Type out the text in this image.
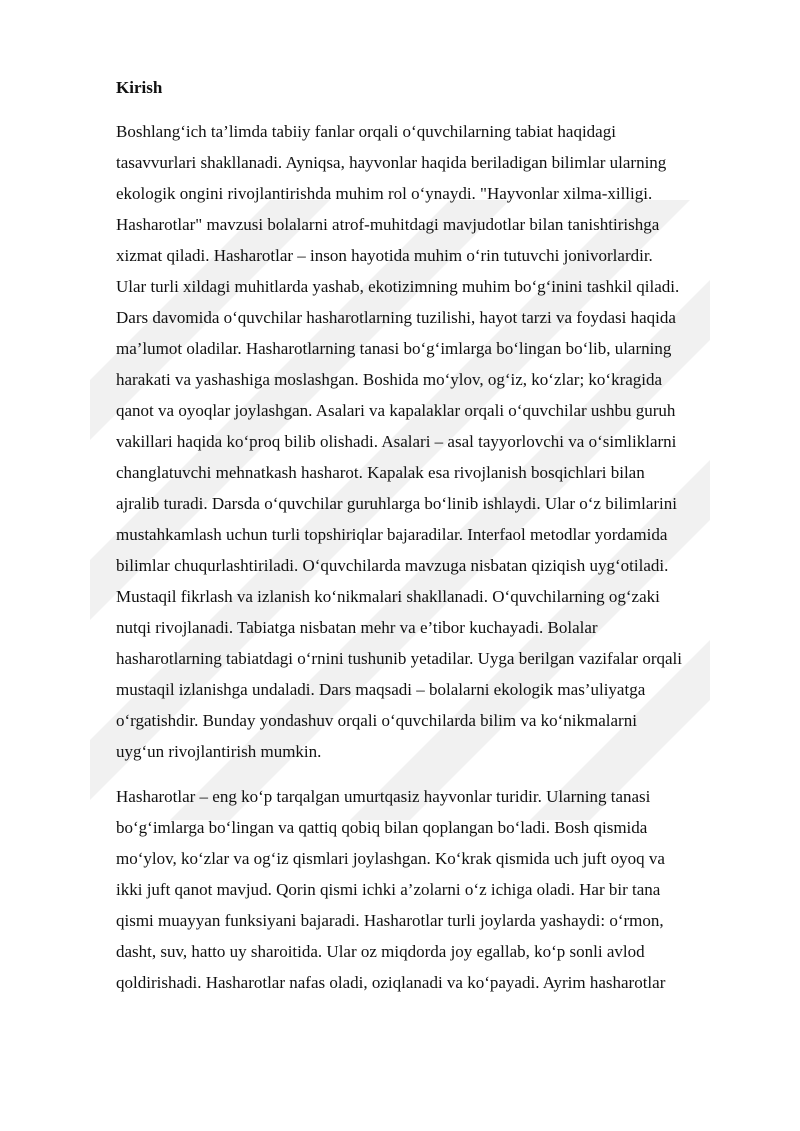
Kirish
Boshlang‘ich ta’limda tabiiy fanlar orqali o‘quvchilarning tabiat haqidagi
tasavvurlari shakllanadi. Ayniqsa, hayvonlar haqida beriladigan bilimlar ularning
ekologik ongini rivojlantirishda muhim rol o‘ynaydi. "Hayvonlar xilma-xilligi.
Hasharotlar" mavzusi bolalarni atrof-muhitdagi mavjudotlar bilan tanishtirishga
xizmat qiladi. Hasharotlar – inson hayotida muhim o‘rin tutuvchi jonivorlardir.
Ular turli xildagi muhitlarda yashab, ekotizimning muhim bo‘g‘inini tashkil qiladi.
Dars davomida o‘quvchilar hasharotlarning tuzilishi, hayot tarzi va foydasi haqida
ma’lumot oladilar. Hasharotlarning tanasi bo‘g‘imlarga bo‘lingan bo‘lib, ularning
harakati va yashashiga moslashgan. Boshida mo‘ylov, og‘iz, ko‘zlar; ko‘kragida
qanot va oyoqlar joylashgan. Asalari va kapalaklar orqali o‘quvchilar ushbu guruh
vakillari haqida ko‘proq bilib olishadi. Asalari – asal tayyorlovchi va o‘simliklarni
changlatuvchi mehnatkash hasharot. Kapalak esa rivojlanish bosqichlari bilan
ajralib turadi. Darsda o‘quvchilar guruhlarga bo‘linib ishlaydi. Ular o‘z bilimlarini
mustahkamlash uchun turli topshiriqlar bajaradilar. Interfaol metodlar yordamida
bilimlar chuqurlashtiriladi. O‘quvchilarda mavzuga nisbatan qiziqish uyg‘otiladi.
Mustaqil fikrlash va izlanish ko‘nikmalari shakllanadi. O‘quvchilarning og‘zaki
nutqi rivojlanadi. Tabiatga nisbatan mehr va e’tibor kuchayadi. Bolalar
hasharotlarning tabiatdagi o‘rnini tushunib yetadilar. Uyga berilgan vazifalar orqali
mustaqil izlanishga undaladi. Dars maqsadi – bolalarni ekologik mas’uliyatga
o‘rgatishdir. Bunday yondashuv orqali o‘quvchilarda bilim va ko‘nikmalarni
uyg‘un rivojlantirish mumkin.
Hasharotlar – eng ko‘p tarqalgan umurtqasiz hayvonlar turidir. Ularning tanasi
bo‘g‘imlarga bo‘lingan va qattiq qobiq bilan qoplangan bo‘ladi. Bosh qismida
mo‘ylov, ko‘zlar va og‘iz qismlari joylashgan. Ko‘krak qismida uch juft oyoq va
ikki juft qanot mavjud. Qorin qismi ichki a’zolarni o‘z ichiga oladi. Har bir tana
qismi muayyan funksiyani bajaradi. Hasharotlar turli joylarda yashaydi: o‘rmon,
dasht, suv, hatto uy sharoitida. Ular oz miqdorda joy egallab, ko‘p sonli avlod
qoldirishadi. Hasharotlar nafas oladi, oziqlanadi va ko‘payadi. Ayrim hasharotlar
